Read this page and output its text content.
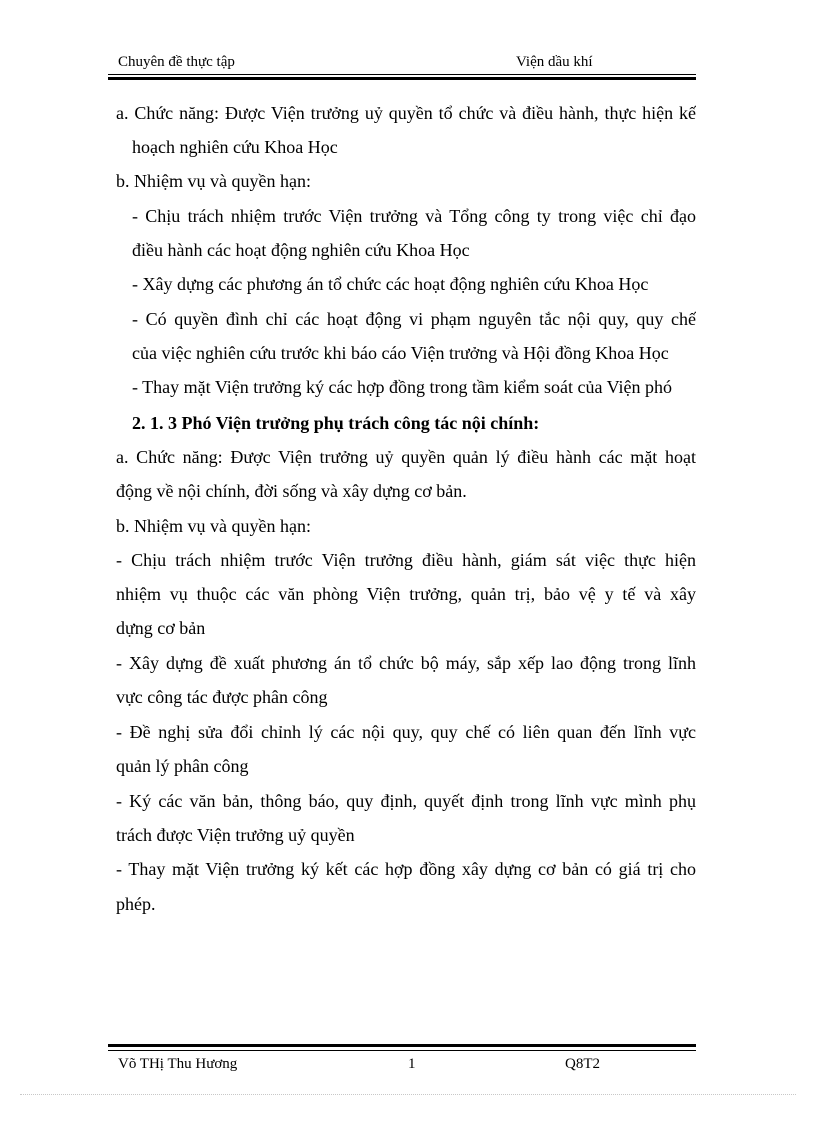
Chuyên đề thực tập	Viện dầu khí
a. Chức năng: Được Viện trưởng uỷ quyền tổ chức và điều hành, thực hiện kế
hoạch nghiên cứu Khoa Học
b. Nhiệm vụ và quyền hạn:
- Chịu trách nhiệm trước Viện trưởng và Tổng công ty trong việc chỉ đạo
điều hành các hoạt động nghiên cứu Khoa Học
- Xây dựng các phương án tổ chức các hoạt động nghiên cứu Khoa Học
- Có quyền đình chỉ các hoạt động vi phạm nguyên tắc nội quy, quy chế
của việc nghiên cứu trước khi báo cáo Viện trưởng và Hội đồng Khoa Học
- Thay mặt Viện trưởng ký các hợp đồng trong tầm kiểm soát của Viện phó
2. 1. 3 Phó Viện trưởng phụ trách công tác nội chính:
a. Chức năng: Được Viện trưởng uỷ quyền quản lý điều hành các mặt hoạt
động về nội chính, đời sống và xây dựng cơ bản.
b. Nhiệm vụ và quyền hạn:
- Chịu trách nhiệm trước Viện trưởng điều hành, giám sát việc thực hiện
nhiệm vụ thuộc các văn phòng Viện trưởng, quản trị, bảo vệ y tế và xây
dựng cơ bản
- Xây dựng đề xuất phương án tổ chức bộ máy, sắp xếp lao động trong lĩnh
vực công tác được phân công
- Đề nghị sửa đổi chỉnh lý các nội quy, quy chế có liên quan đến lĩnh vực
quản lý phân công
- Ký các văn bản, thông báo, quy định, quyết định trong lĩnh vực mình phụ
trách được Viện trưởng uỷ quyền
- Thay mặt Viện trưởng ký kết các hợp đồng xây dựng cơ bản có giá trị cho
phép.
Võ THị Thu Hương	1	Q8T2
